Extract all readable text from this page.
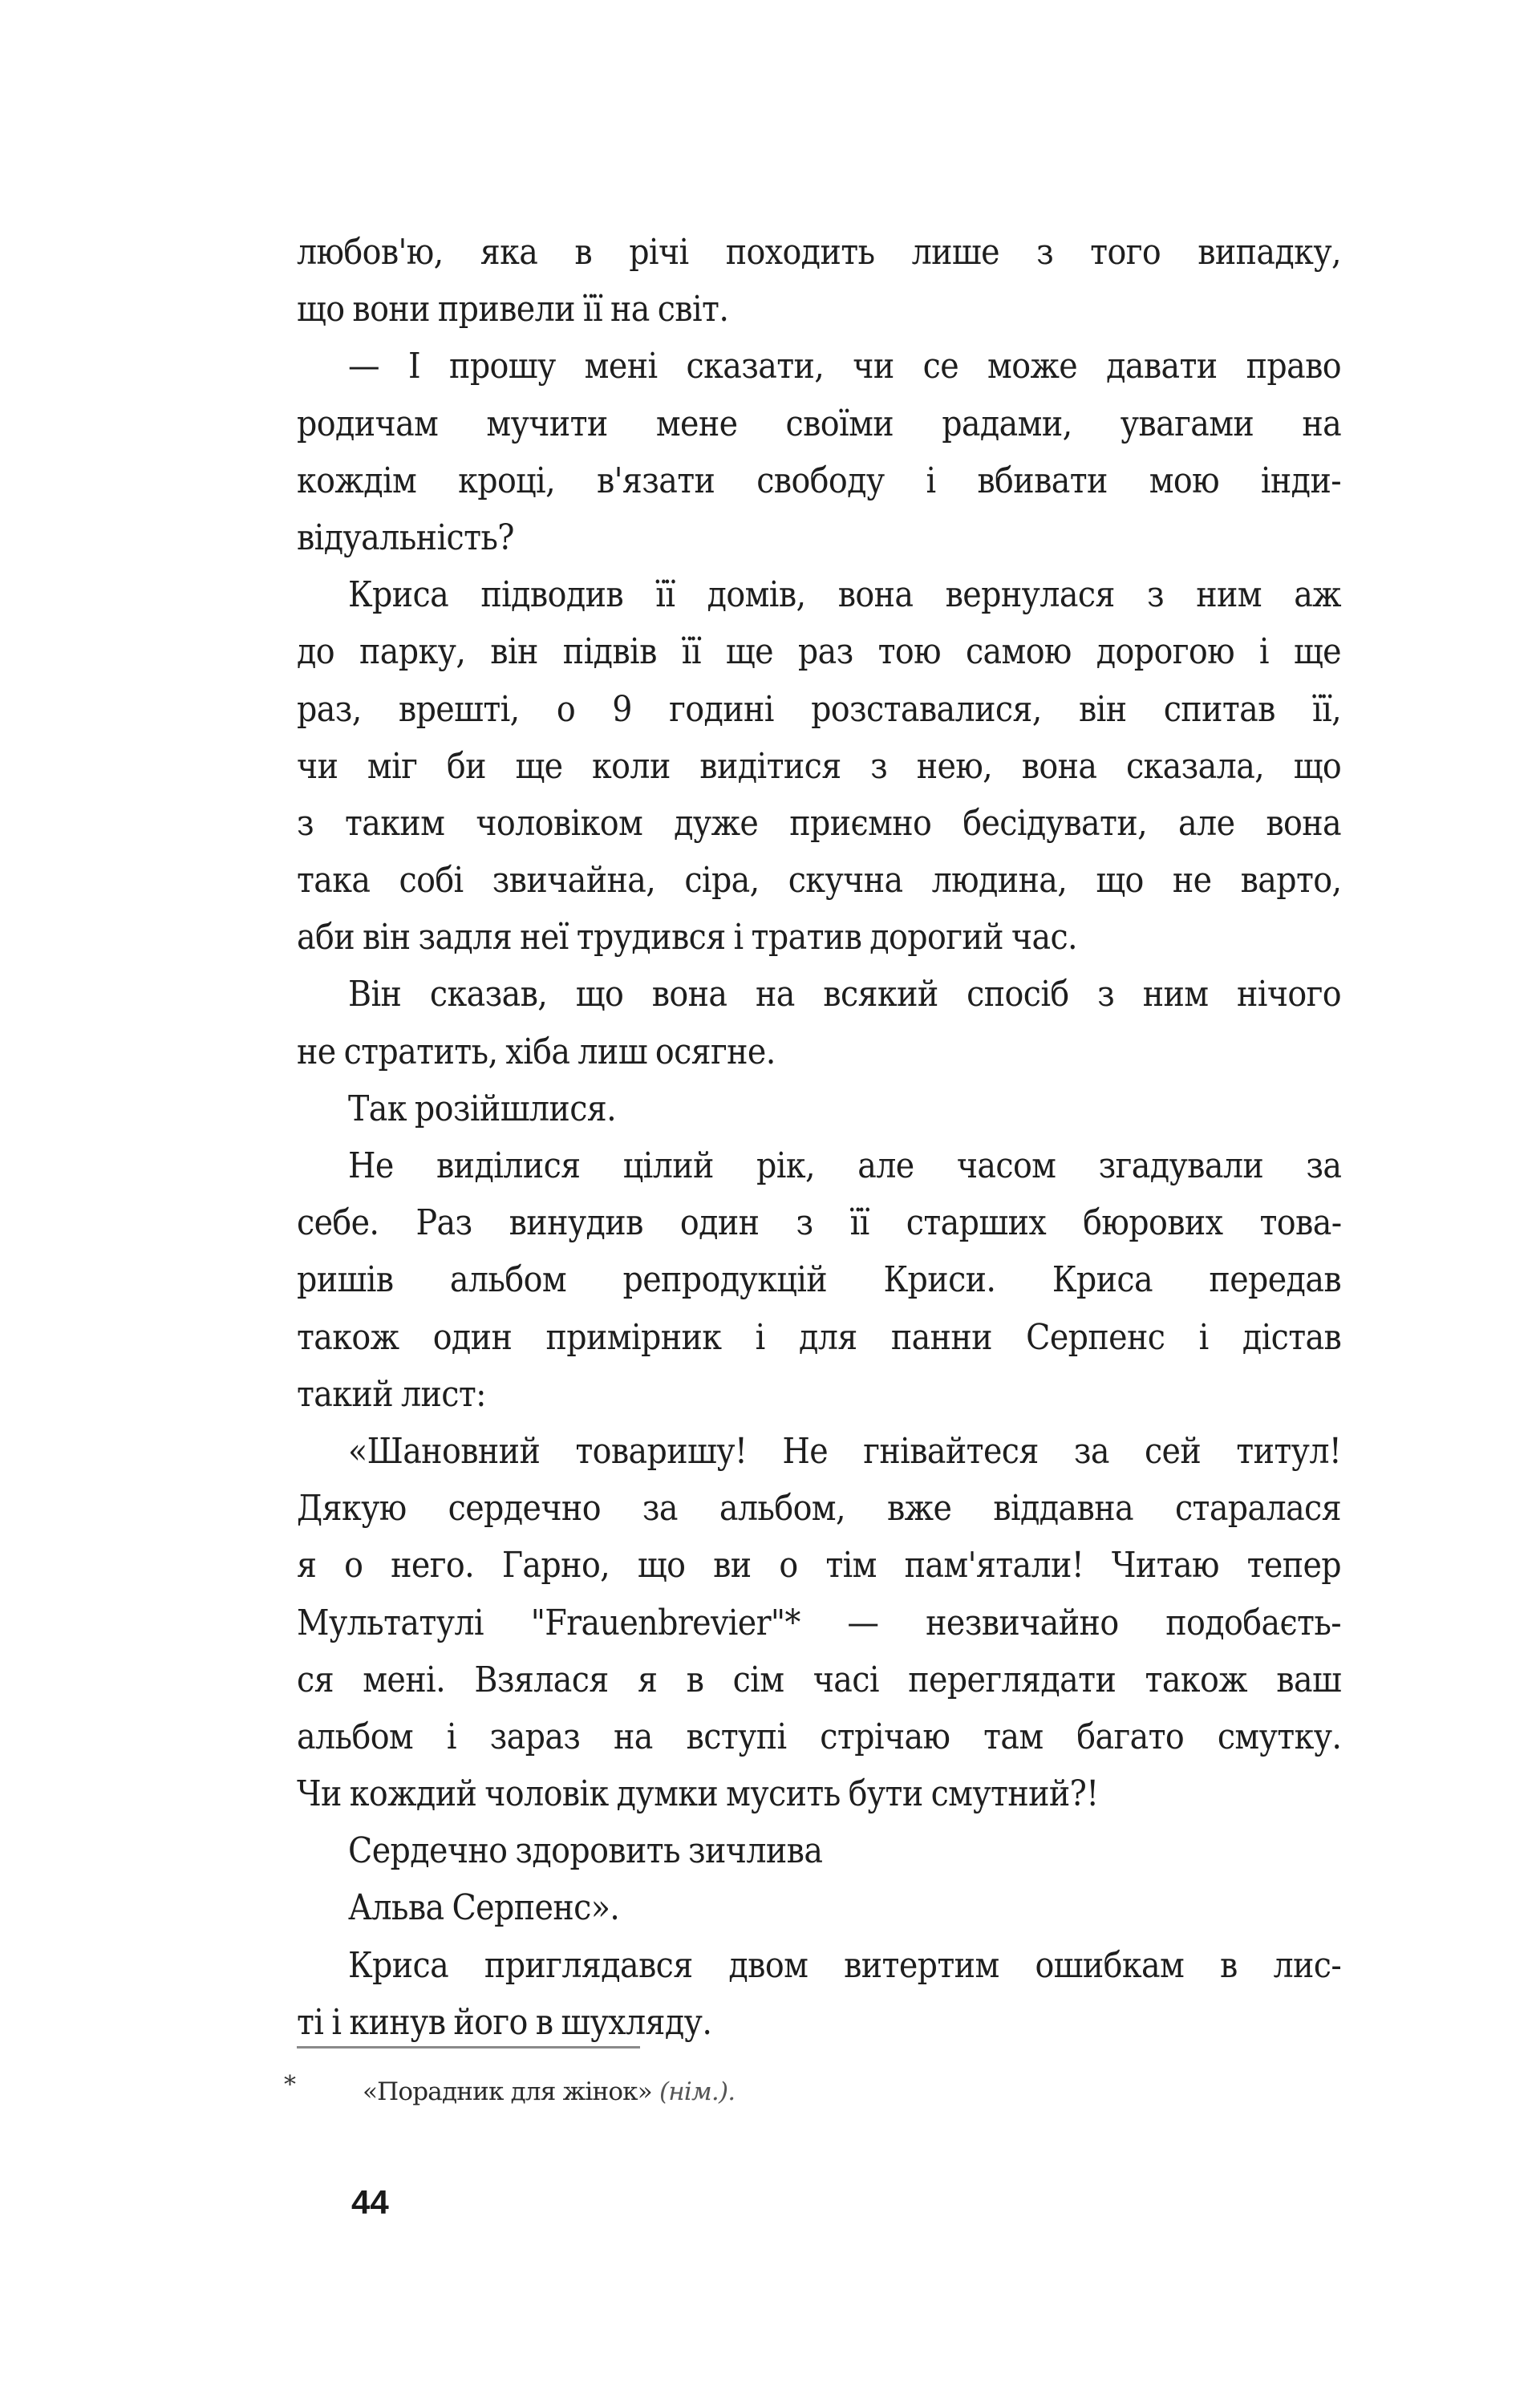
любов'ю, яка в річі походить лише з того випадку,
що вони привели її на світ.
— І прошу мені сказати, чи се може давати право
родичам мучити мене своїми радами, увагами на
кождім кроці, в'язати свободу і вбивати мою інди-
відуальність?
Криса підводив її домів, вона вернулася з ним аж
до парку, він підвів її ще раз тою самою дорогою і ще
раз, врешті, о 9 годині розставалися, він спитав її,
чи міг би ще коли видітися з нею, вона сказала, що
з таким чоловіком дуже приємно бесідувати, але вона
така собі звичайна, сіра, скучна людина, що не варто,
аби він задля неї трудився і тратив дорогий час.
Він сказав, що вона на всякий спосіб з ним нічого
не стратить, хіба лиш осягне.
Так розійшлися.
Не виділися цілий рік, але часом згадували за
себе. Раз винудив один з її старших бюрових това-
ришів альбом репродукцій Криси. Криса передав
також один примірник і для панни Серпенс і дістав
такий лист:
«Шановний товаришу! Не гнівайтеся за сей титул!
Дякую сердечно за альбом, вже віддавна старалася
я о него. Гарно, що ви о тім пам'ятали! Читаю тепер
Мультатулі "Frauenbrevier"* — незвичайно подобаєть-
ся мені. Взялася я в сім часі переглядати також ваш
альбом і зараз на вступі стрічаю там багато смутку.
Чи кождий чоловік думки мусить бути смутний?!
Сердечно здоровить зичлива
Альва Серпенс».
Криса приглядався двом витертим ошибкам в лис-
ті і кинув його в шухляду.
*	«Порадник для жінок» (нім.).
44
